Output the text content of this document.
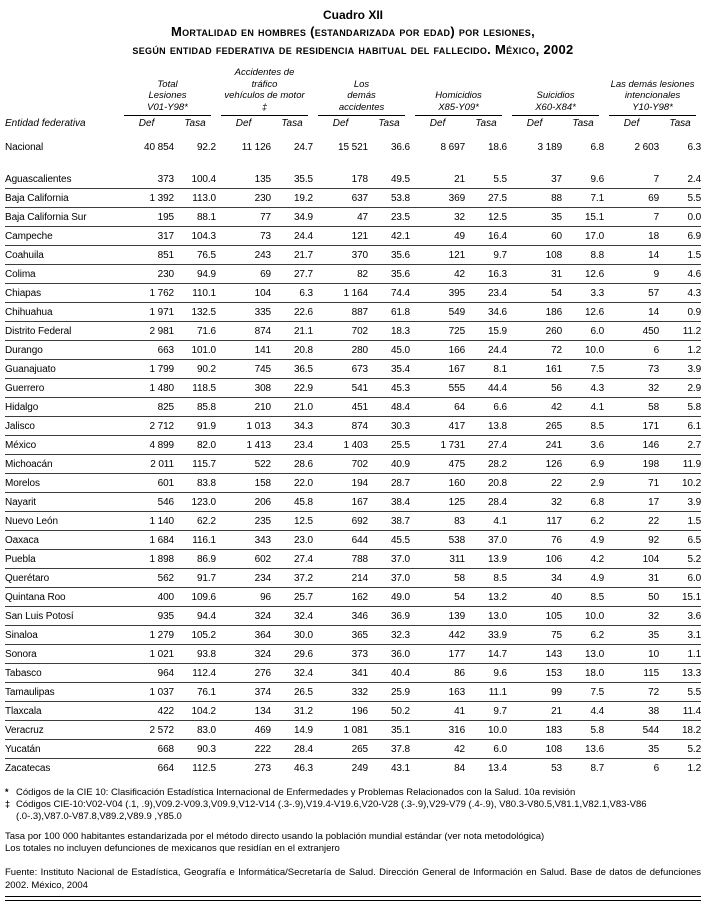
Cuadro XII
Mortalidad en hombres (estandarizada por edad) por lesiones,
según entidad federativa de residencia habitual del fallecido. México, 2002

	Total
Lesiones
V01-Y98*		Accidentes de tráfico
vehículos de motor
‡		Los
demás
accidentes		Homicidios
X85-Y09*		Suicidios
X60-X84*		Las demás lesiones
intencionales
Y10-Y98*	

Entidad federativa	Def	Tasa	Def	Tasa	Def	Tasa	Def	Tasa	Def	Tasa	Def	Tasa
Nacional	40 854	92.2	11 126	24.7	15 521	36.6	8 697	18.6	3 189	6.8	2 603	6.3

Aguascalientes	373	100.4	135	35.5	178	49.5	21	5.5	37	9.6	7	2.4
Baja California	1 392	113.0	230	19.2	637	53.8	369	27.5	88	7.1	69	5.5
Baja California Sur	195	88.1	77	34.9	47	23.5	32	12.5	35	15.1	7	0.0
Campeche	317	104.3	73	24.4	121	42.1	49	16.4	60	17.0	18	6.9
Coahuila	851	76.5	243	21.7	370	35.6	121	9.7	108	8.8	14	1.5
Colima	230	94.9	69	27.7	82	35.6	42	16.3	31	12.6	9	4.6
Chiapas	1 762	110.1	104	6.3	1 164	74.4	395	23.4	54	3.3	57	4.3
Chihuahua	1 971	132.5	335	22.6	887	61.8	549	34.6	186	12.6	14	0.9
Distrito Federal	2 981	71.6	874	21.1	702	18.3	725	15.9	260	6.0	450	11.2
Durango	663	101.0	141	20.8	280	45.0	166	24.4	72	10.0	6	1.2
Guanajuato	1 799	90.2	745	36.5	673	35.4	167	8.1	161	7.5	73	3.9
Guerrero	1 480	118.5	308	22.9	541	45.3	555	44.4	56	4.3	32	2.9
Hidalgo	825	85.8	210	21.0	451	48.4	64	6.6	42	4.1	58	5.8
Jalisco	2 712	91.9	1 013	34.3	874	30.3	417	13.8	265	8.5	171	6.1
México	4 899	82.0	1 413	23.4	1 403	25.5	1 731	27.4	241	3.6	146	2.7
Michoacán	2 011	115.7	522	28.6	702	40.9	475	28.2	126	6.9	198	11.9
Morelos	601	83.8	158	22.0	194	28.7	160	20.8	22	2.9	71	10.2
Nayarit	546	123.0	206	45.8	167	38.4	125	28.4	32	6.8	17	3.9
Nuevo León	1 140	62.2	235	12.5	692	38.7	83	4.1	117	6.2	22	1.5
Oaxaca	1 684	116.1	343	23.0	644	45.5	538	37.0	76	4.9	92	6.5
Puebla	1 898	86.9	602	27.4	788	37.0	311	13.9	106	4.2	104	5.2
Querétaro	562	91.7	234	37.2	214	37.0	58	8.5	34	4.9	31	6.0
Quintana Roo	400	109.6	96	25.7	162	49.0	54	13.2	40	8.5	50	15.1
San Luis Potosí	935	94.4	324	32.4	346	36.9	139	13.0	105	10.0	32	3.6
Sinaloa	1 279	105.2	364	30.0	365	32.3	442	33.9	75	6.2	35	3.1
Sonora	1 021	93.8	324	29.6	373	36.0	177	14.7	143	13.0	10	1.1
Tabasco	964	112.4	276	32.4	341	40.4	86	9.6	153	18.0	115	13.3
Tamaulipas	1 037	76.1	374	26.5	332	25.9	163	11.1	99	7.5	72	5.5
Tlaxcala	422	104.2	134	31.2	196	50.2	41	9.7	21	4.4	38	11.4
Veracruz	2 572	83.0	469	14.9	1 081	35.1	316	10.0	183	5.8	544	18.2
Yucatán	668	90.3	222	28.4	265	37.8	42	6.0	108	13.6	35	5.2
Zacatecas	664	112.5	273	46.3	249	43.1	84	13.4	53	8.7	6	1.2
* Códigos de la CIE 10: Clasificación Estadística Internacional de Enfermedades y Problemas Relacionados con la Salud. 10a revisión
‡ Códigos CIE-10:V02-V04 (.1, .9),V09.2-V09.3,V09.9,V12-V14 (.3-.9),V19.4-V19.6,V20-V28 (.3-.9),V29-V79 (.4-.9), V80.3-V80.5,V81.1,V82.1,V83-V86 (.0-.3),V87.0-V87.8,V89.2,V89.9 ,Y85.0
Tasa por 100 000 habitantes estandarizada por el método directo usando la población mundial estándar (ver nota metodológica)
Los totales no incluyen defunciones de mexicanos que residían en el extranjero
Fuente: Instituto Nacional de Estadística, Geografía e Informática/Secretaría de Salud. Dirección General de Información en Salud. Base de datos de defunciones 2002. México, 2004
